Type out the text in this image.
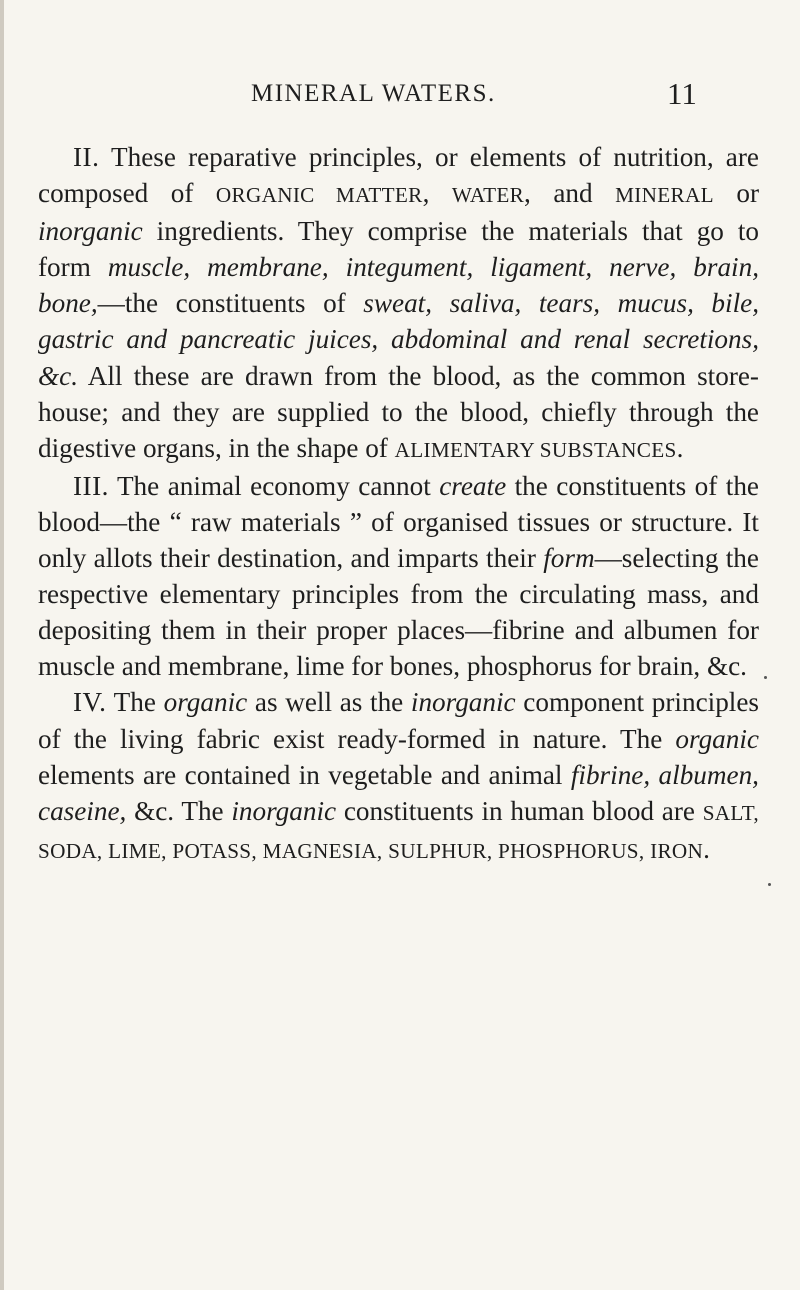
MINERAL WATERS.	11

II. These reparative principles, or elements of nutrition, are composed of ORGANIC MATTER, WATER, and MINERAL or inorganic ingredients. They comprise the materials that go to form muscle, membrane, integument, ligament, nerve, brain, bone,—the constituents of sweat, saliva, tears, mucus, bile, gastric and pancreatic juices, abdominal and renal secretions, &c. All these are drawn from the blood, as the common store-house; and they are supplied to the blood, chiefly through the digestive organs, in the shape of ALIMENTARY SUBSTANCES.

III. The animal economy cannot create the constituents of the blood—the “ raw materials ” of organised tissues or structure. It only allots their destination, and imparts their form—selecting the respective elementary principles from the circulating mass, and depositing them in their proper places—fibrine and albumen for muscle and membrane, lime for bones, phosphorus for brain, &c.

IV. The organic as well as the inorganic component principles of the living fabric exist ready-formed in nature. The organic elements are contained in vegetable and animal fibrine, albumen, caseine, &c. The inorganic constituents in human blood are SALT, SODA, LIME, POTASS, MAGNESIA, SULPHUR, PHOSPHORUS, IRON.
